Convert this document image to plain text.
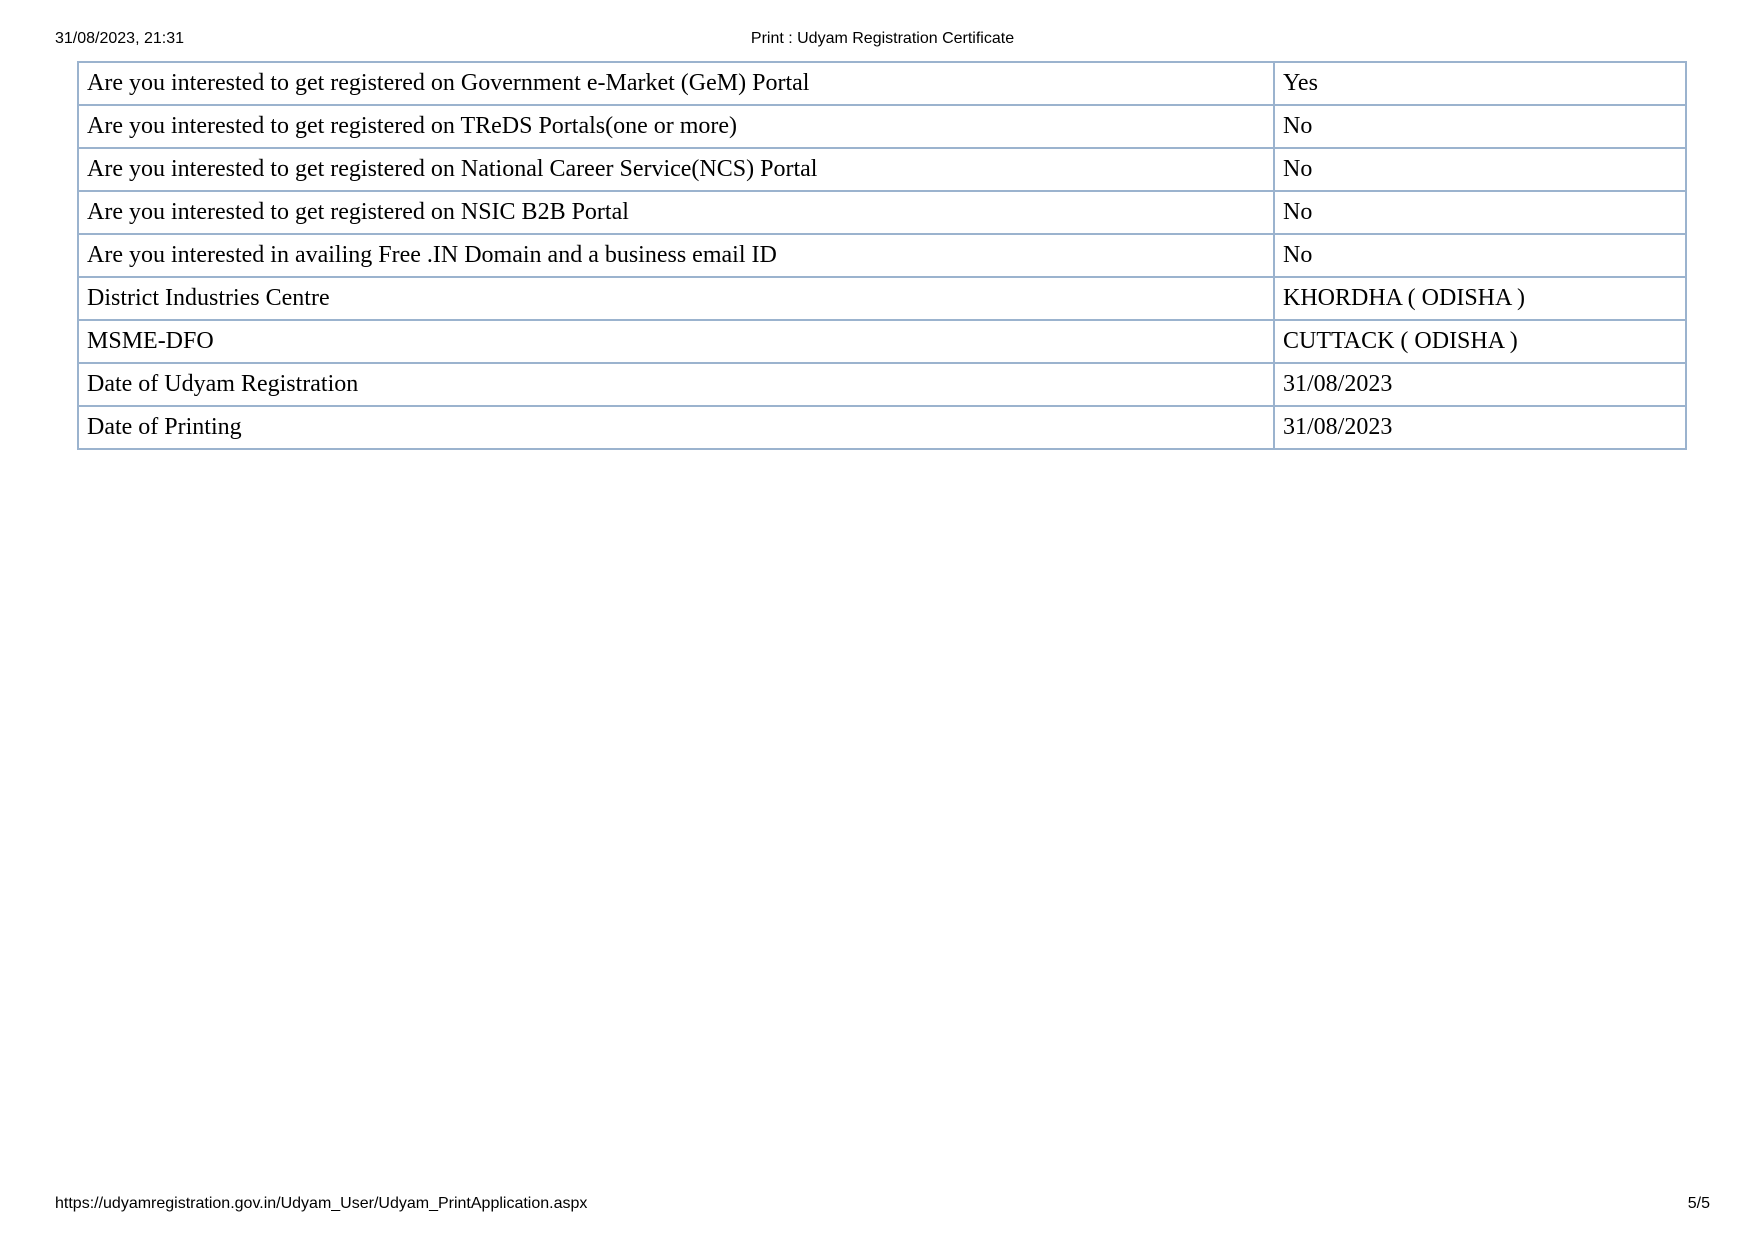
31/08/2023, 21:31	Print : Udyam Registration Certificate
Are you interested to get registered on Government e-Market (GeM) Portal	Yes
Are you interested to get registered on TReDS Portals(one or more)	No
Are you interested to get registered on National Career Service(NCS) Portal	No
Are you interested to get registered on NSIC B2B Portal	No
Are you interested in availing Free .IN Domain and a business email ID	No
District Industries Centre	KHORDHA ( ODISHA )
MSME-DFO	CUTTACK ( ODISHA )
Date of Udyam Registration	31/08/2023
Date of Printing	31/08/2023
https://udyamregistration.gov.in/Udyam_User/Udyam_PrintApplication.aspx	5/5
